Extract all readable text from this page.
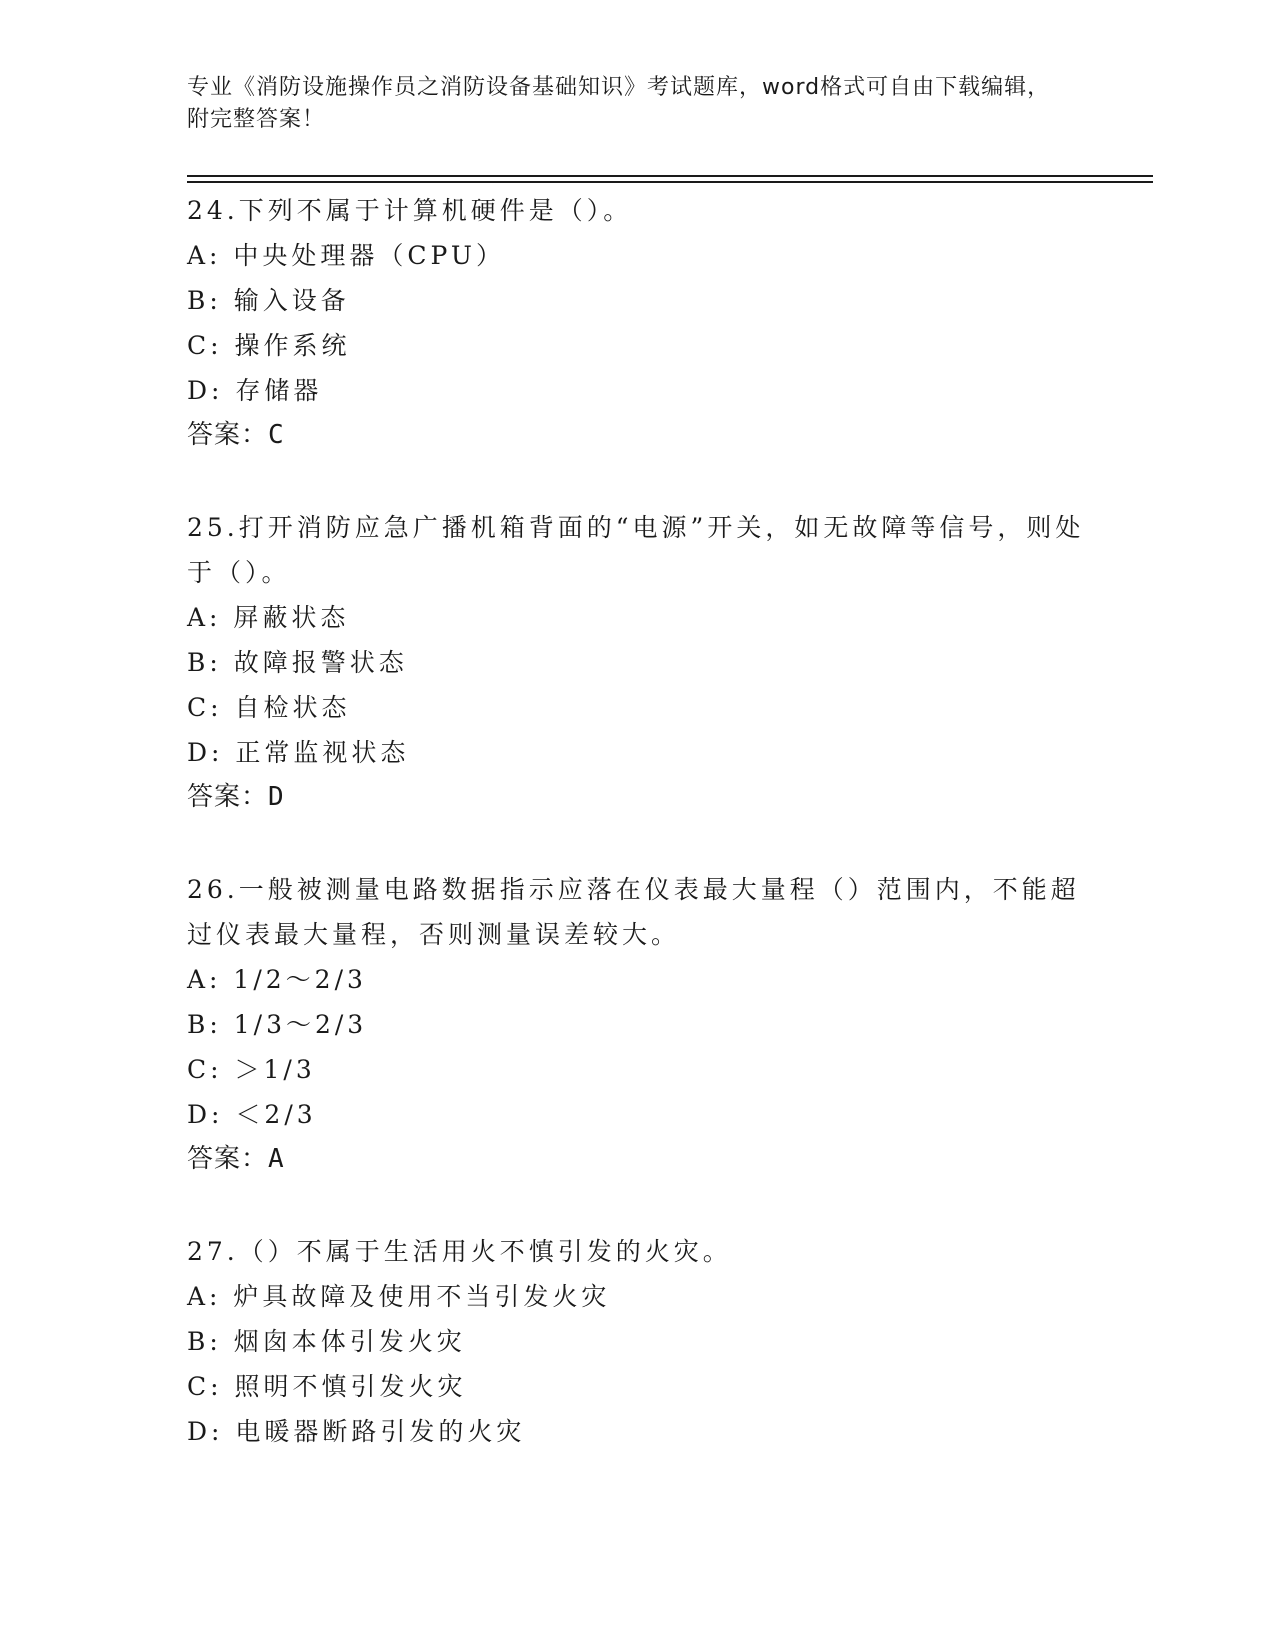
专业《消防设施操作员之消防设备基础知识》考试题库，word格式可自由下载编辑，附完整答案！

24.下列不属于计算机硬件是（）。

A: 中央处理器（CPU）

B: 输入设备

C: 操作系统

D: 存储器

答案：C

25.打开消防应急广播机箱背面的“电源”开关，如无故障等信号，则处于（）。

A: 屏蔽状态

B: 故障报警状态

C: 自检状态

D: 正常监视状态

答案：D

26.一般被测量电路数据指示应落在仪表最大量程（）范围内，不能超过仪表最大量程，否则测量误差较大。

A: 1/2～2/3

B: 1/3～2/3

C: ＞1/3

D: ＜2/3

答案：A

27.（）不属于生活用火不慎引发的火灾。

A: 炉具故障及使用不当引发火灾

B: 烟囱本体引发火灾

C: 照明不慎引发火灾

D: 电暖器断路引发的火灾
